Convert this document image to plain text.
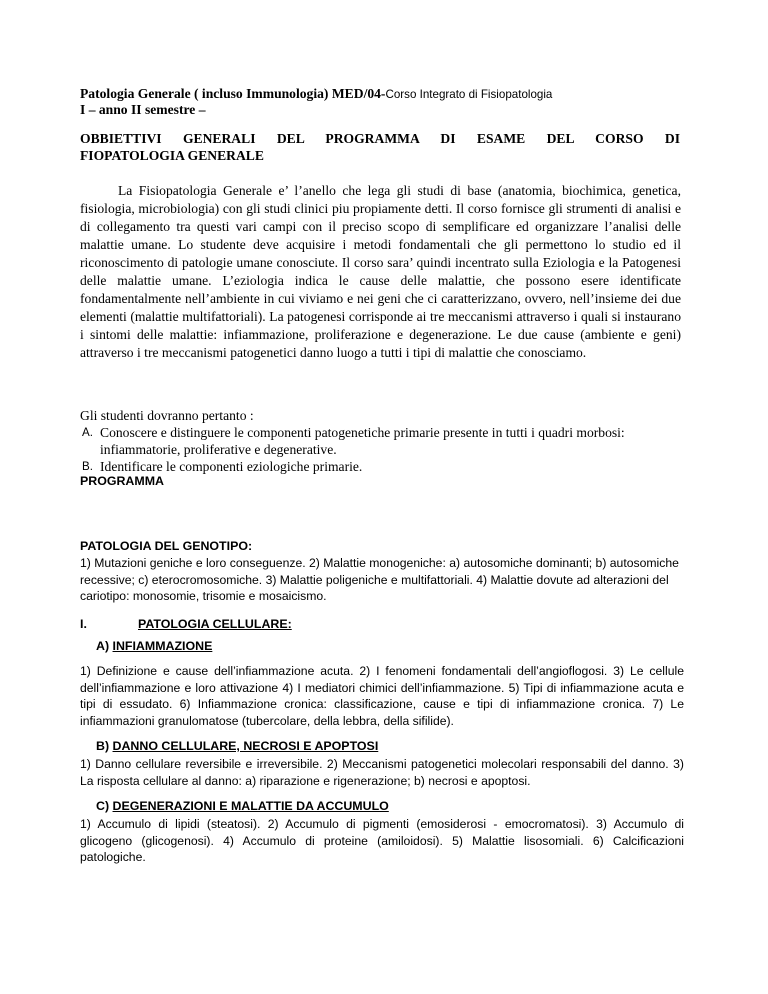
Patologia Generale ( incluso Immunologia) MED/04-Corso Integrato di Fisiopatologia
I – anno II semestre –
OBBIETTIVI GENERALI DEL PROGRAMMA DI ESAME DEL CORSO DI
FIOPATOLOGIA GENERALE

La Fisiopatologia Generale e’ l’anello che lega gli studi di base (anatomia, biochimica, genetica, fisiologia, microbiologia) con gli studi clinici piu propiamente detti. Il corso fornisce gli strumenti di analisi e di collegamento tra questi vari campi con il preciso scopo di semplificare ed organizzare l’analisi delle malattie umane. Lo studente deve acquisire i metodi fondamentali che gli permettono lo studio ed il riconoscimento di patologie umane conosciute. Il corso sara’ quindi incentrato sulla Eziologia e la Patogenesi delle malattie umane. L’eziologia indica le cause delle malattie, che possono esere identificate fondamentalmente nell’ambiente in cui viviamo e nei geni che ci caratterizzano, ovvero, nell’insieme dei due elementi (malattie multifattoriali). La patogenesi corrisponde ai tre meccanismi attraverso i quali si instaurano i sintomi delle malattie: infiammazione, proliferazione e degenerazione. Le due cause (ambiente e geni) attraverso i tre meccanismi patogenetici danno luogo a tutti i tipi di malattie che conosciamo.

Gli studenti dovranno pertanto :
A. Conoscere e distinguere le componenti patogenetiche primarie presente in tutti i quadri morbosi: infiammatorie, proliferative e degenerative.
B. Identificare le componenti eziologiche primarie.
PROGRAMMA
PATOLOGIA DEL GENOTIPO:

1) Mutazioni geniche e loro conseguenze. 2) Malattie monogeniche: a) autosomiche dominanti; b) autosomiche recessive; c) eterocromosomiche. 3) Malattie poligeniche e multifattoriali. 4) Malattie dovute ad alterazioni del cariotipo: monosomie, trisomie e mosaicismo.

I.	PATOLOGIA CELLULARE:
A) INFIAMMAZIONE

1) Definizione e cause dell’infiammazione acuta. 2) I fenomeni fondamentali dell’angioflogosi. 3) Le cellule dell’infiammazione e loro attivazione 4) I mediatori chimici dell’infiammazione. 5) Tipi di infiammazione acuta e tipi di essudato. 6) Infiammazione cronica: classificazione, cause e tipi di infiammazione cronica. 7) Le infiammazioni granulomatose (tubercolare, della lebbra, della sifilide).

B) DANNO CELLULARE, NECROSI E APOPTOSI

1) Danno cellulare reversibile e irreversibile. 2) Meccanismi patogenetici molecolari responsabili del danno. 3) La risposta cellulare al danno: a) riparazione e rigenerazione; b) necrosi e apoptosi.

C) DEGENERAZIONI E MALATTIE DA ACCUMULO

1) Accumulo di lipidi (steatosi). 2) Accumulo di pigmenti (emosiderosi - emocromatosi). 3) Accumulo di glicogeno (glicogenosi). 4) Accumulo di proteine (amiloidosi). 5) Malattie lisosomiali. 6) Calcificazioni patologiche.
